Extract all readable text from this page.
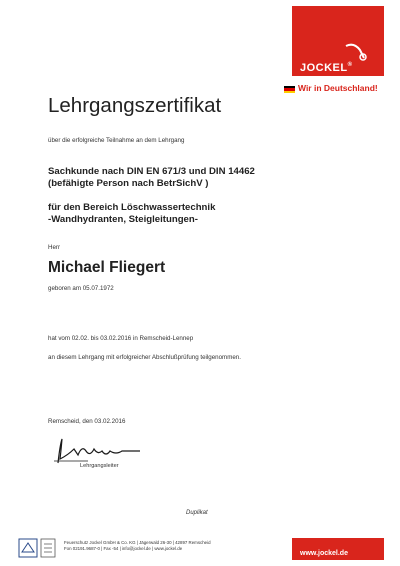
JOCKEL®
Wir in Deutschland!
Lehrgangszertifikat
über die erfolgreiche Teilnahme an dem Lehrgang
Sachkunde nach DIN EN 671/3 und DIN 14462
(befähigte Person nach BetrSichV )
für den Bereich Löschwassertechnik
-Wandhydranten, Steigleitungen-
Herr
Michael Fliegert
geboren am 05.07.1972
hat vom 02.02. bis 03.02.2016 in Remscheid-Lennep
an diesem Lehrgang mit erfolgreicher Abschlußprüfung teilgenommen.
Remscheid, den 03.02.2016
Lehrgangsleiter
Duplikat
Feuerschutz Jockel GmbH & Co. KG | Jägerwald 26-30 | 42897 Remscheid
Fon 02191.9687-0 | Fax -54 | info@jockel.de | www.jockel.de
www.jockel.de
